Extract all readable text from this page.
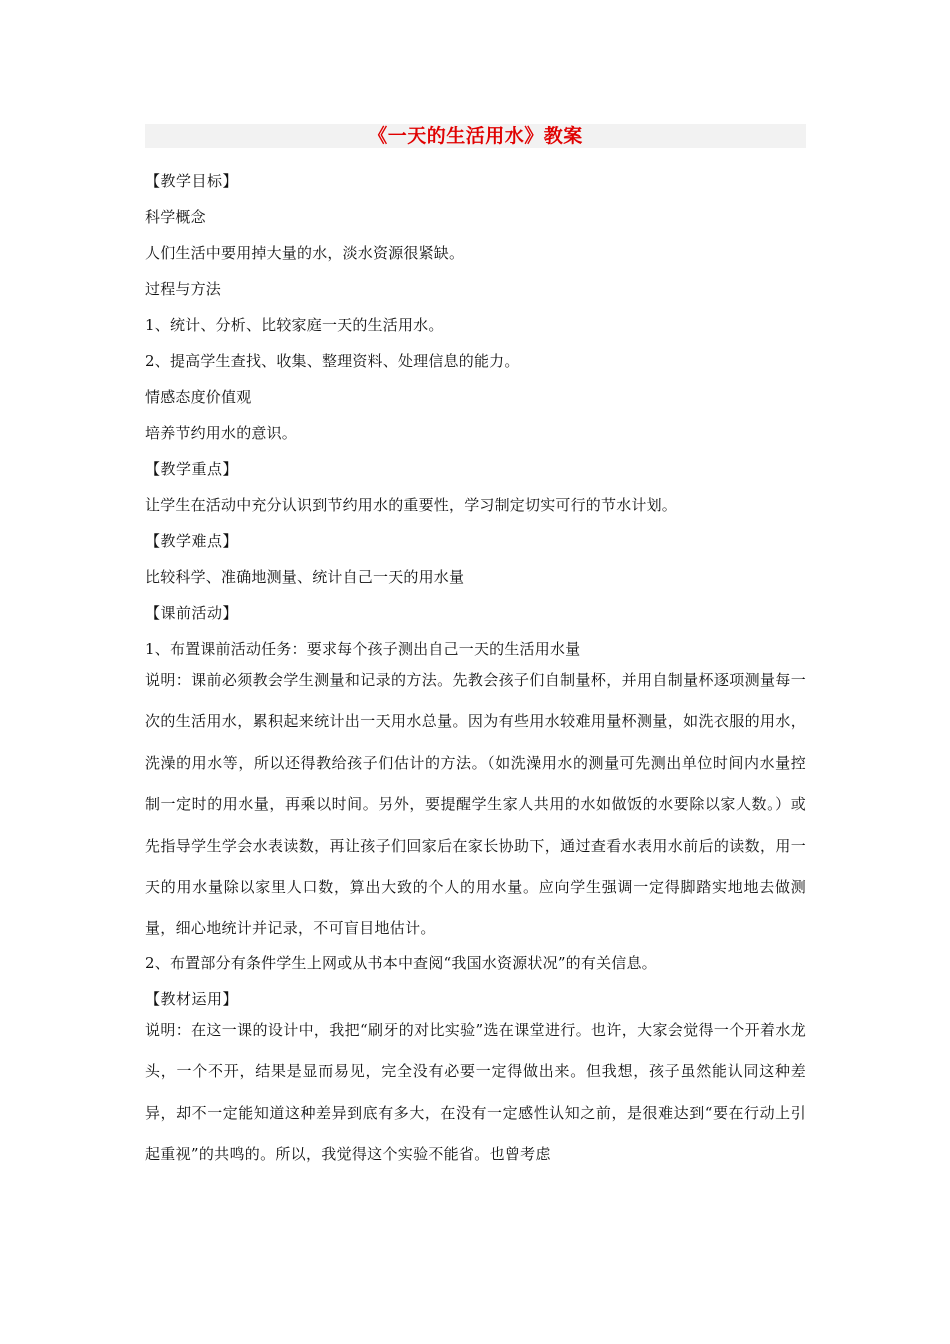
《一天的生活用水》教案
【教学目标】
科学概念
人们生活中要用掉大量的水，淡水资源很紧缺。
过程与方法
1、统计、分析、比较家庭一天的生活用水。
2、提高学生查找、收集、整理资料、处理信息的能力。
情感态度价值观
培养节约用水的意识。
【教学重点】
让学生在活动中充分认识到节约用水的重要性，学习制定切实可行的节水计划。
【教学难点】
比较科学、准确地测量、统计自己一天的用水量
【课前活动】
1、布置课前活动任务：要求每个孩子测出自己一天的生活用水量
说明：课前必须教会学生测量和记录的方法。先教会孩子们自制量杯，并用自制量杯逐项测量每一次的生活用水，累积起来统计出一天用水总量。因为有些用水较难用量杯测量，如洗衣服的用水，洗澡的用水等，所以还得教给孩子们估计的方法。（如洗澡用水的测量可先测出单位时间内水量控制一定时的用水量，再乘以时间。另外，要提醒学生家人共用的水如做饭的水要除以家人数。）或先指导学生学会水表读数，再让孩子们回家后在家长协助下，通过查看水表用水前后的读数，用一天的用水量除以家里人口数，算出大致的个人的用水量。应向学生强调一定得脚踏实地地去做测量，细心地统计并记录，不可盲目地估计。
2、布置部分有条件学生上网或从书本中查阅“我国水资源状况”的有关信息。
【教材运用】
说明：在这一课的设计中，我把“刷牙的对比实验”选在课堂进行。也许，大家会觉得一个开着水龙头，一个不开，结果是显而易见，完全没有必要一定得做出来。但我想，孩子虽然能认同这种差异，却不一定能知道这种差异到底有多大，在没有一定感性认知之前，是很难达到“要在行动上引起重视”的共鸣的。所以，我觉得这个实验不能省。也曾考虑
